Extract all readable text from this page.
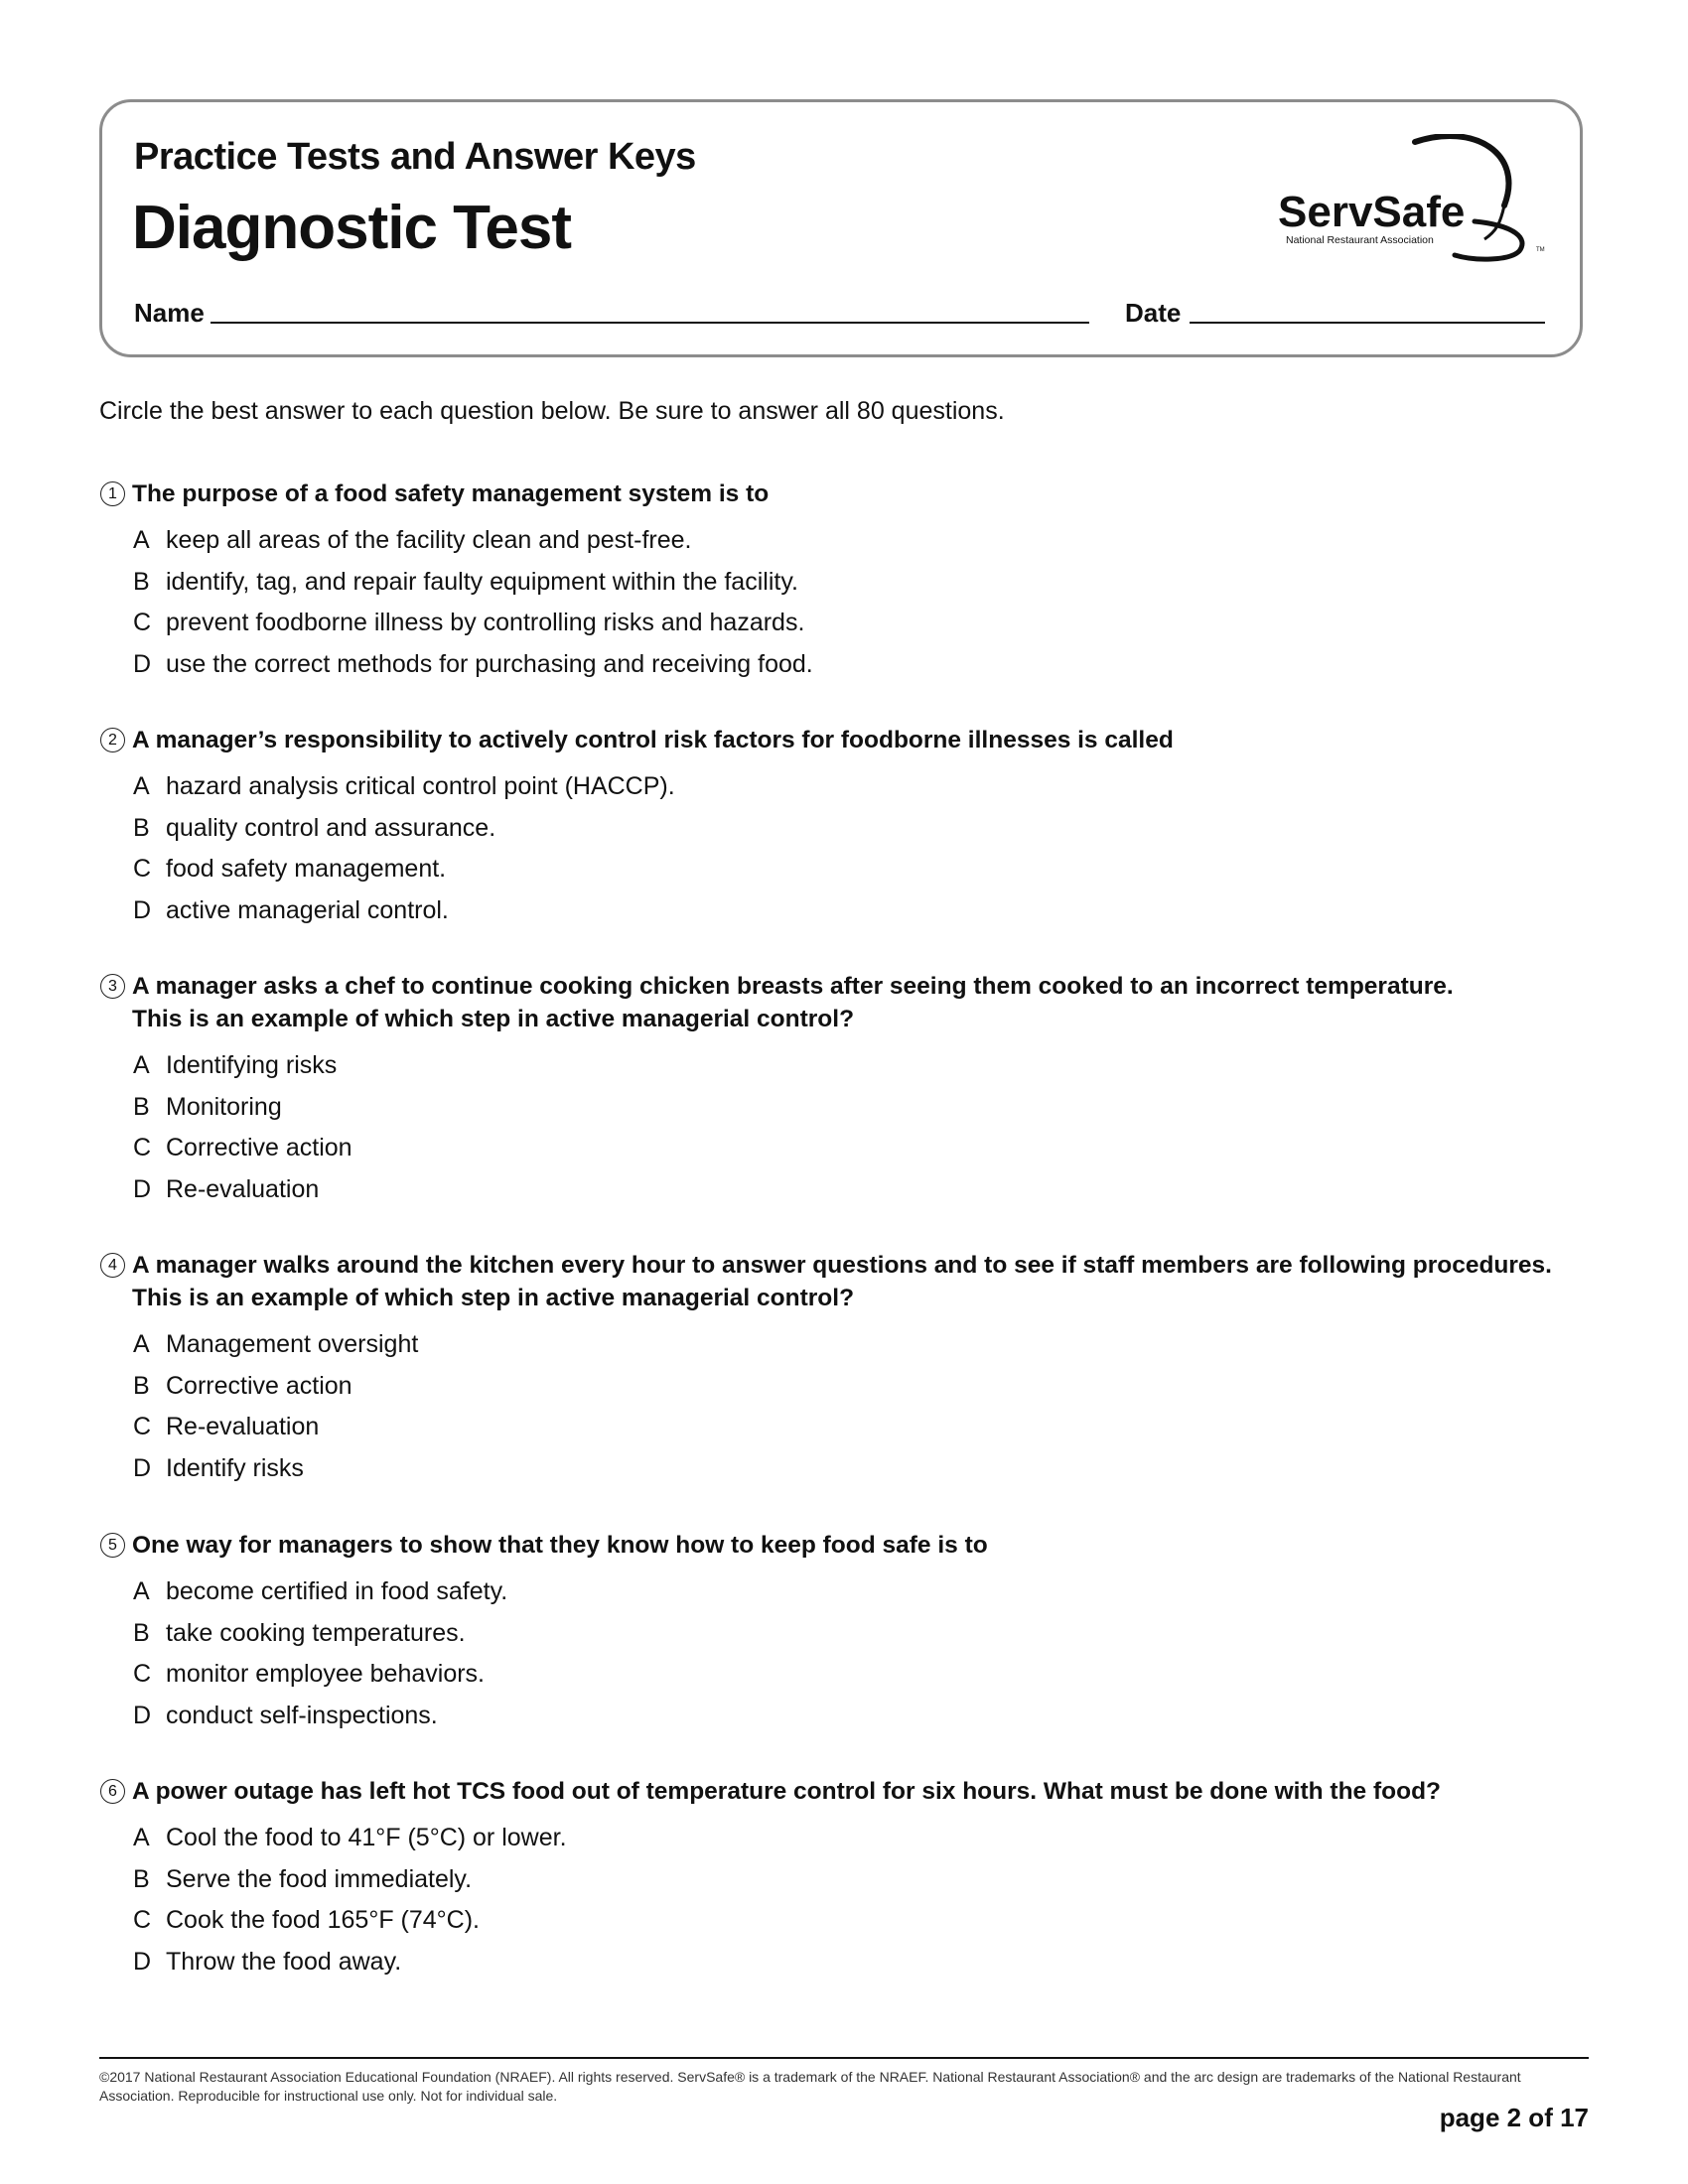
Practice Tests and Answer Keys
Diagnostic Test
Name	Date
ServSafe
National Restaurant Association
TM
Circle the best answer to each question below. Be sure to answer all 80 questions.
1 The purpose of a food safety management system is to
A keep all areas of the facility clean and pest-free.
B identify, tag, and repair faulty equipment within the facility.
C prevent foodborne illness by controlling risks and hazards.
D use the correct methods for purchasing and receiving food.
2 A manager’s responsibility to actively control risk factors for foodborne illnesses is called
A hazard analysis critical control point (HACCP).
B quality control and assurance.
C food safety management.
D active managerial control.
3 A manager asks a chef to continue cooking chicken breasts after seeing them cooked to an incorrect temperature.
This is an example of which step in active managerial control?
A Identifying risks
B Monitoring
C Corrective action
D Re-evaluation
4 A manager walks around the kitchen every hour to answer questions and to see if staff members are following procedures.
This is an example of which step in active managerial control?
A Management oversight
B Corrective action
C Re-evaluation
D Identify risks
5 One way for managers to show that they know how to keep food safe is to
A become certified in food safety.
B take cooking temperatures.
C monitor employee behaviors.
D conduct self-inspections.
6 A power outage has left hot TCS food out of temperature control for six hours. What must be done with the food?
A Cool the food to 41°F (5°C) or lower.
B Serve the food immediately.
C Cook the food 165°F (74°C).
D Throw the food away.
©2017 National Restaurant Association Educational Foundation (NRAEF). All rights reserved. ServSafe® is a trademark of the NRAEF. National Restaurant Association® and the arc design are trademarks of the National Restaurant Association. Reproducible for instructional use only. Not for individual sale.
page 2 of 17
